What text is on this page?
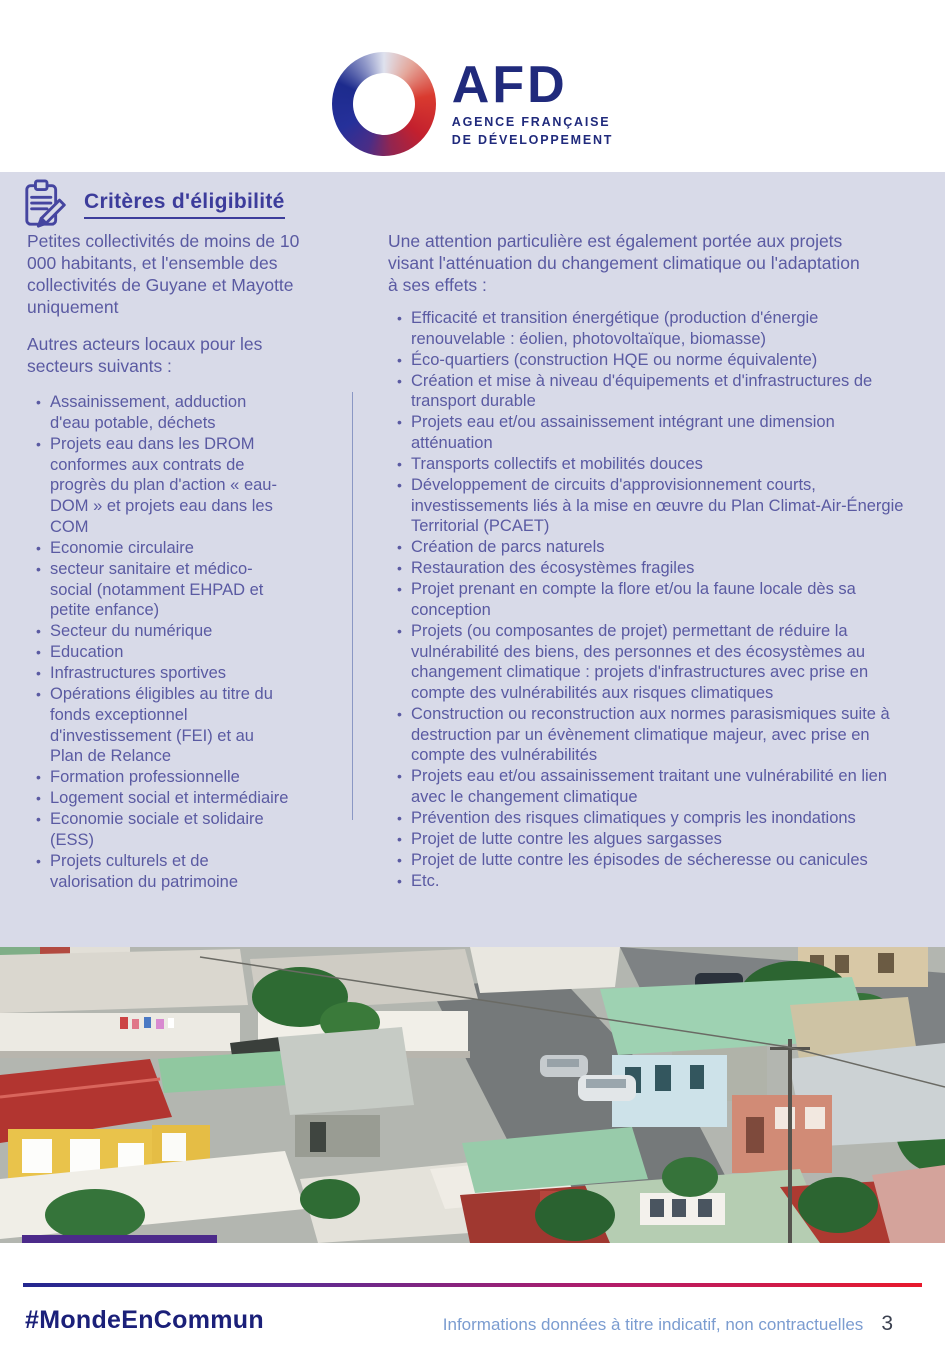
AFD
AGENCE FRANÇAISE
DE DÉVELOPPEMENT
Critères d'éligibilité

Petites collectivités de moins de 10 000 habitants, et l'ensemble des collectivités de Guyane et Mayotte uniquement

Autres acteurs locaux pour les secteurs suivants :

• Assainissement, adduction d'eau potable, déchets
• Projets eau dans les DROM conformes aux contrats de progrès du plan d'action « eau-DOM » et projets eau dans les COM
• Economie circulaire
• secteur sanitaire et médico-social (notamment EHPAD et petite enfance)
• Secteur du numérique
• Education
• Infrastructures sportives
• Opérations éligibles au titre du fonds exceptionnel d'investissement (FEI) et au Plan de Relance
• Formation professionnelle
• Logement social et intermédiaire
• Economie sociale et solidaire (ESS)
• Projets culturels et de valorisation du patrimoine

Une attention particulière est également portée aux projets visant l'atténuation du changement climatique ou l'adaptation à ses effets :

• Efficacité et transition énergétique (production d'énergie renouvelable : éolien, photovoltaïque, biomasse)
• Éco-quartiers (construction HQE ou norme équivalente)
• Création et mise à niveau d'équipements et d'infrastructures de transport durable
• Projets eau et/ou assainissement intégrant une dimension atténuation
• Transports collectifs et mobilités douces
• Développement de circuits d'approvisionnement courts, investissements liés à la mise en œuvre du Plan Climat-Air-Énergie Territorial (PCAET)
• Création de parcs naturels
• Restauration des écosystèmes fragiles
• Projet prenant en compte la flore et/ou la faune locale dès sa conception
• Projets (ou composantes de projet) permettant de réduire la vulnérabilité des biens, des personnes et des écosystèmes au changement climatique : projets d'infrastructures avec prise en compte des vulnérabilités aux risques climatiques
• Construction ou reconstruction aux normes parasismiques suite à destruction par un évènement climatique majeur, avec prise en compte des vulnérabilités
• Projets eau et/ou assainissement traitant une vulnérabilité en lien avec le changement climatique
• Prévention des risques climatiques y compris les inondations
• Projet de lutte contre les algues sargasses
• Projet de lutte contre les épisodes de sécheresse ou canicules
• Etc.
#MondeEnCommun	Informations données à titre indicatif, non contractuelles 3
